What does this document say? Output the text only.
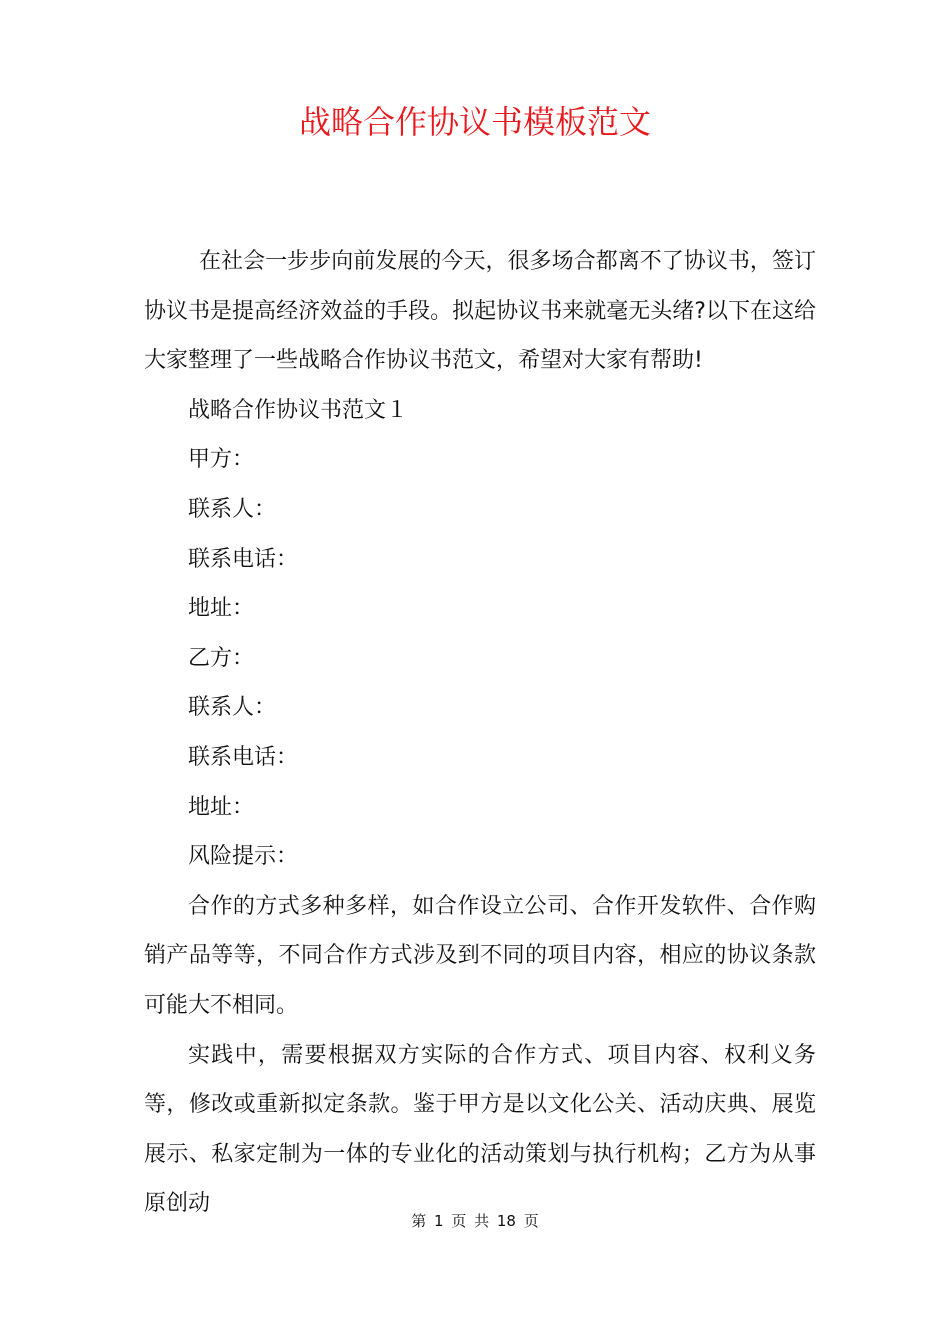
战略合作协议书模板范文

在社会一步步向前发展的今天，很多场合都离不了协议书，签订协议书是提高经济效益的手段。拟起协议书来就毫无头绪?以下在这给大家整理了一些战略合作协议书范文，希望对大家有帮助!

战略合作协议书范文１

甲方：

联系人：

联系电话：

地址：

乙方：

联系人：

联系电话：

地址：

风险提示：

合作的方式多种多样，如合作设立公司、合作开发软件、合作购销产品等等，不同合作方式涉及到不同的项目内容，相应的协议条款可能大不相同。

实践中，需要根据双方实际的合作方式、项目内容、权利义务等，修改或重新拟定条款。鉴于甲方是以文化公关、活动庆典、展览展示、私家定制为一体的专业化的活动策划与执行机构；乙方为从事原创动

第 1 页 共 18 页
